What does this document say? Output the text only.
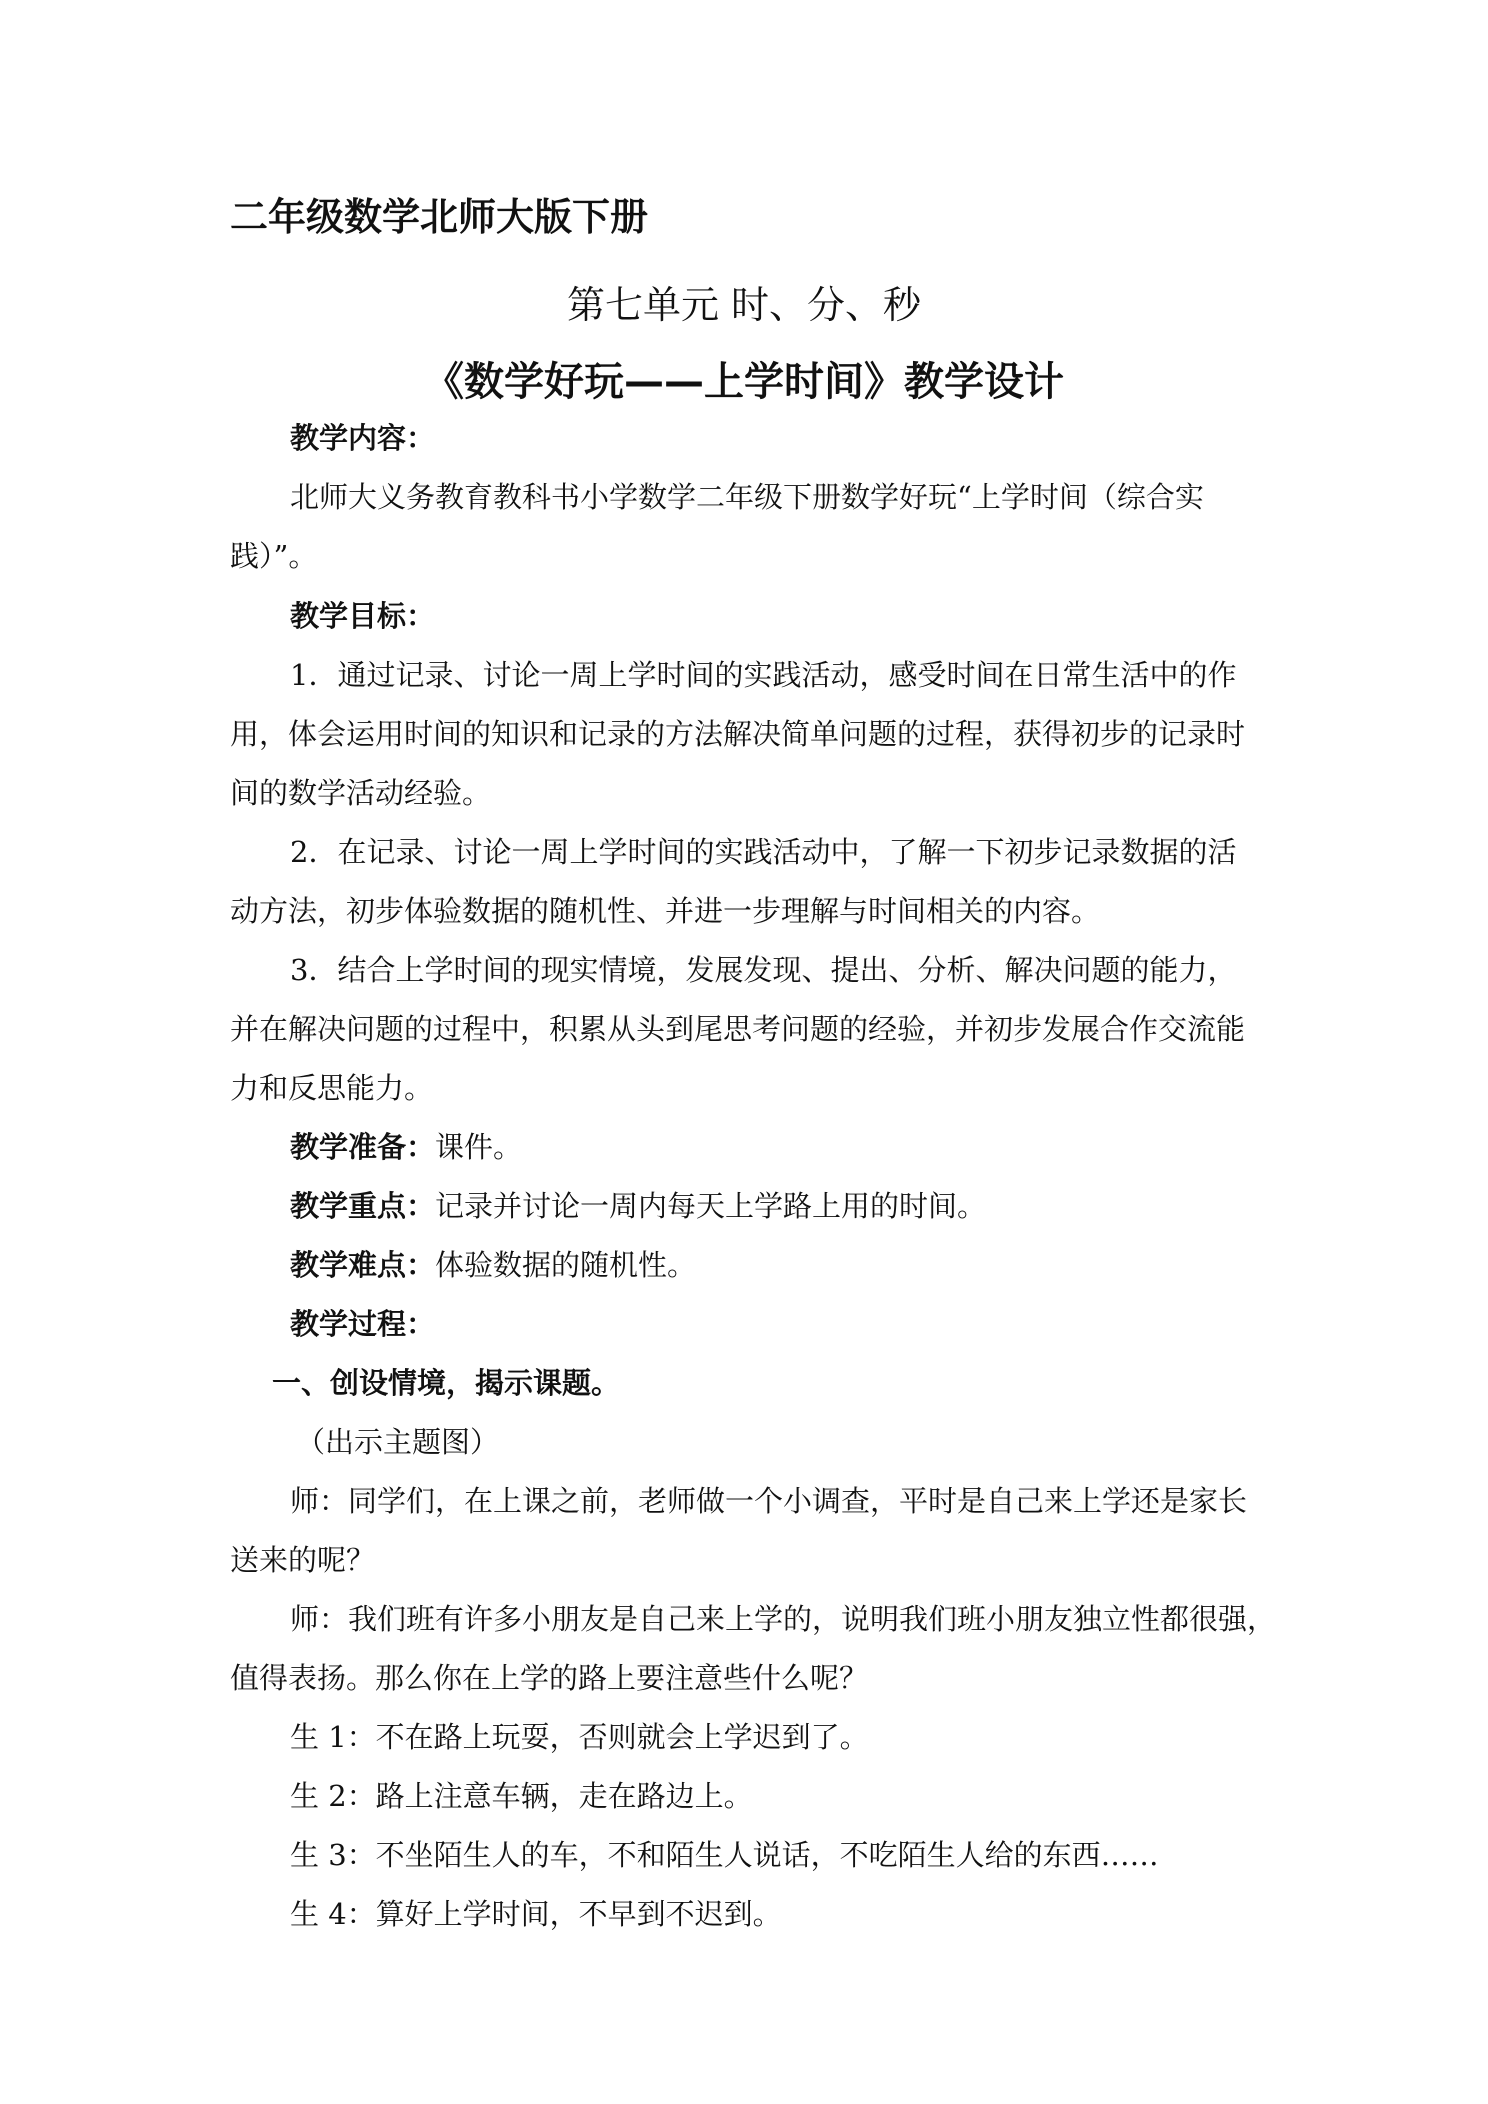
二年级数学北师大版下册
第七单元 时、分、秒
《数学好玩——上学时间》教学设计
教学内容：
北师大义务教育教科书小学数学二年级下册数学好玩“上学时间（综合实
践）”。
教学目标：
1．通过记录、讨论一周上学时间的实践活动，感受时间在日常生活中的作
用，体会运用时间的知识和记录的方法解决简单问题的过程，获得初步的记录时
间的数学活动经验。
2．在记录、讨论一周上学时间的实践活动中，了解一下初步记录数据的活
动方法，初步体验数据的随机性、并进一步理解与时间相关的内容。
3．结合上学时间的现实情境，发展发现、提出、分析、解决问题的能力，
并在解决问题的过程中，积累从头到尾思考问题的经验，并初步发展合作交流能
力和反思能力。
教学准备：课件。
教学重点：记录并讨论一周内每天上学路上用的时间。
教学难点：体验数据的随机性。
教学过程：
一、创设情境，揭示课题。
（出示主题图）
师：同学们，在上课之前，老师做一个小调查，平时是自己来上学还是家长
送来的呢？
师：我们班有许多小朋友是自己来上学的，说明我们班小朋友独立性都很强，
值得表扬。那么你在上学的路上要注意些什么呢？
生 1：不在路上玩耍，否则就会上学迟到了。
生 2：路上注意车辆，走在路边上。
生 3：不坐陌生人的车，不和陌生人说话，不吃陌生人给的东西……
生 4：算好上学时间，不早到不迟到。
